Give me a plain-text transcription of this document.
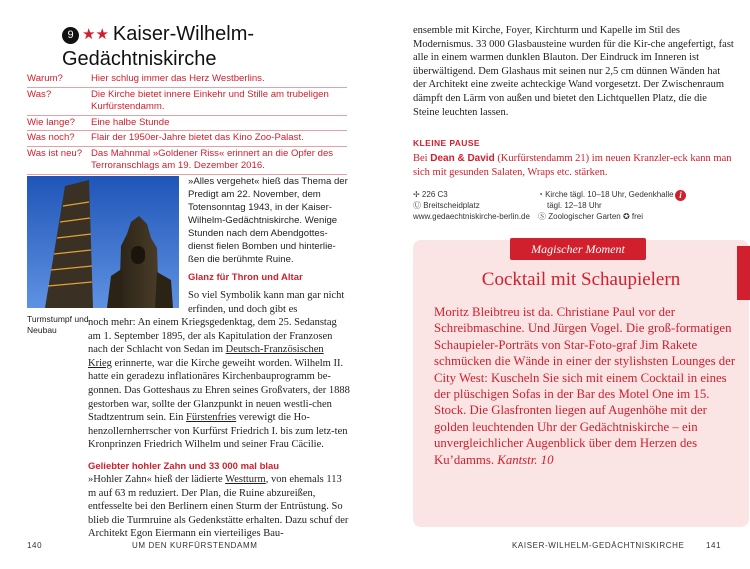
9 ★★ Kaiser-Wilhelm-Gedächtniskirche
Warum?	Hier schlug immer das Herz Westberlins.
Was?	Die Kirche bietet innere Einkehr und Stille am trubeligen Kurfürstendamm.
Wie lange?	Eine halbe Stunde
Was noch?	Flair der 1950er-Jahre bietet das Kino Zoo-Palast.
Was ist neu?	Das Mahnmal »Goldener Riss« erinnert an die Opfer des Terroranschlags am 19. Dezember 2016.
Turmstumpf und Neubau
»Alles vergehet« hieß das Thema der Predigt am 22. November, dem Totensonntag 1943, in der Kaiser-Wilhelm-Gedächtniskirche. Wenige Stunden nach dem Abendgottes-dienst fielen Bomben und hinterlie-ßen die berühmte Ruine.
Glanz für Thron und Altar
So viel Symbolik kann man gar nicht erfinden, und doch gibt es
noch mehr: An einem Kriegsgedenktag, dem 25. Sedanstag am 1. September 1895, der als Kapitulation der Franzosen nach der Schlacht von Sedan im Deutsch-Französischen Krieg erinnerte, war die Kirche geweiht worden. Wilhelm II. hatte ein geradezu inflationäres Kirchenbauprogramm be-gonnen. Das Gotteshaus zu Ehren seines Großvaters, der 1888 gestorben war, sollte der Glanzpunkt in neuen westli-chen Stadtzentrum sein. Ein Fürstenfries verewigt die Ho-henzollernherrscher von Kurfürst Friedrich I. bis zum letz-ten Kronprinzen Friedrich Wilhelm und seiner Frau Cäcilie.
Geliebter hohler Zahn und 33 000 mal blau
»Hohler Zahn« hieß der lädierte Westturm, von ehemals 113 m auf 63 m reduziert. Der Plan, die Ruine abzureißen, entfesselte bei den Berlinern einen Sturm der Entrüstung. So blieb die Turmruine als Gedenkstätte erhalten. Dazu schuf der Architekt Egon Eiermann ein vierteiliges Bau-
140	UM DEN KURFÜRSTENDAMM
ensemble mit Kirche, Foyer, Kirchturm und Kapelle im Stil des Modernismus. 33 000 Glasbausteine wurden für die Kir-che angefertigt, fast alle in einem warmen dunklen Blauton. Der Eindruck im Inneren ist überwältigend. Dem Glashaus mit seinen nur 2,5 cm dünnen Wänden hat der Architekt eine zweite achteckige Wand vorgesetzt. Der Zwischenraum dämpft den Lärm von außen und bietet den Lichtquellen Platz, die die Steine leuchten lassen.
KLEINE PAUSE
Bei Dean & David (Kurfürstendamm 21) im neuen Kranzler-eck kann man sich mit gesunden Salaten, Wraps etc. stärken.
✢ 226 C3
Ⓤ Breitscheidplatz
www.gedaechtniskirche-berlin.de
◔ Kirche tägl. 10–18 Uhr, Gedenkhalle
tägl. 12–18 Uhr
Ⓢ Zoologischer Garten ✪ frei
i
Magischer Moment
Cocktail mit Schaupielern
Moritz Bleibtreu ist da. Christiane Paul vor der Schreibmaschine. Und Jürgen Vogel. Die groß-formatigen Schaupieler-Porträts von Star-Foto-graf Jim Rakete schmücken die Wände in einer der stylishsten Lounges der City West: Kuscheln Sie sich mit einem Cocktail in eines der plüschigen Sofas in der Bar des Motel One im 15. Stock. Die Glasfronten liegen auf Augenhöhe mit der golden leuchtenden Uhr der Gedächtniskirche – ein unvergleichlicher Augenblick über dem Herzen des Ku’damms. Kantstr. 10
KAISER-WILHELM-GEDÄCHTNISKIRCHE	141
